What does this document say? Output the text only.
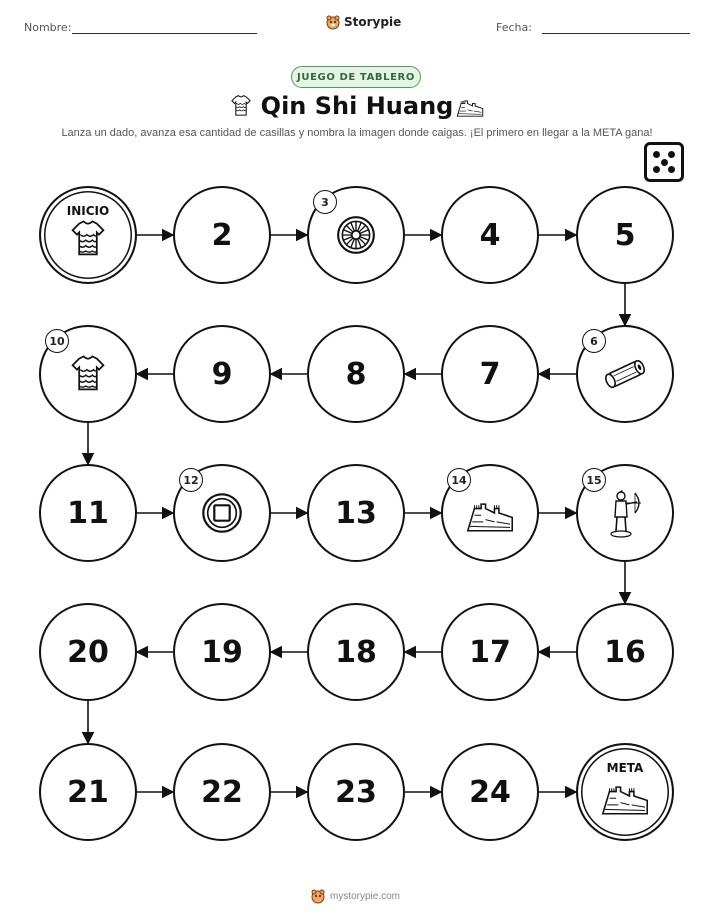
Nombre:	Storypie	Fecha:
JUEGO DE TABLERO
Qin Shi Huang
Lanza un dado, avanza esa cantidad de casillas y nombra la imagen donde caigas. ¡El primero en llegar a la META gana!
INICIO
2
3
4	5
6
7
8
9
10
11
12
13
14	15
16
17
18
19
20
21	22	23	24
META
mystorypie.com
